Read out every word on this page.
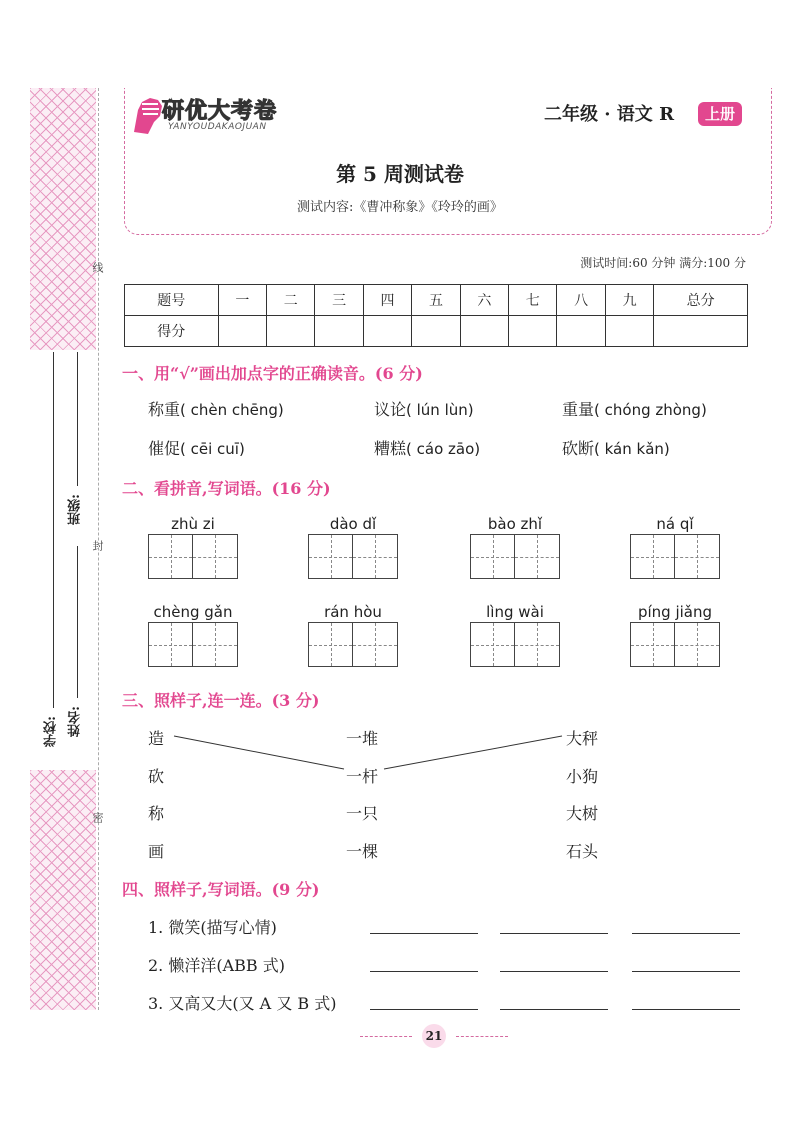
线
封
密
班级:
姓名:
学校:
研优大考卷
YANYOUDAKAOJUAN
二年级 · 语文 R	上册
第 5 周测试卷
测试内容:《曹冲称象》《玲玲的画》
测试时间:60 分钟 满分:100 分
题号	一	二	三	四	五	六	七	八	九	总分
得分										
一、用“√”画出加点字的正确读音。(6 分)
称重( chèn chēng)	议论( lún lùn)	重量( chóng zhòng)
催促( cēi cuī)	糟糕( cáo zāo)	砍断( kán kǎn)
二、看拼音,写词语。(16 分)
zhù zi	dào dǐ	bào zhǐ	ná qǐ
chèng gǎn	rán hòu	lìng wài	píng jiǎng
三、照样子,连一连。(3 分)
造
砍
称
画
一堆
一杆
一只
一棵
大秤
小狗
大树
石头
四、照样子,写词语。(9 分)
1. 微笑(描写心情)
2. 懒洋洋(ABB 式)
3. 又高又大(又 A 又 B 式)
21
